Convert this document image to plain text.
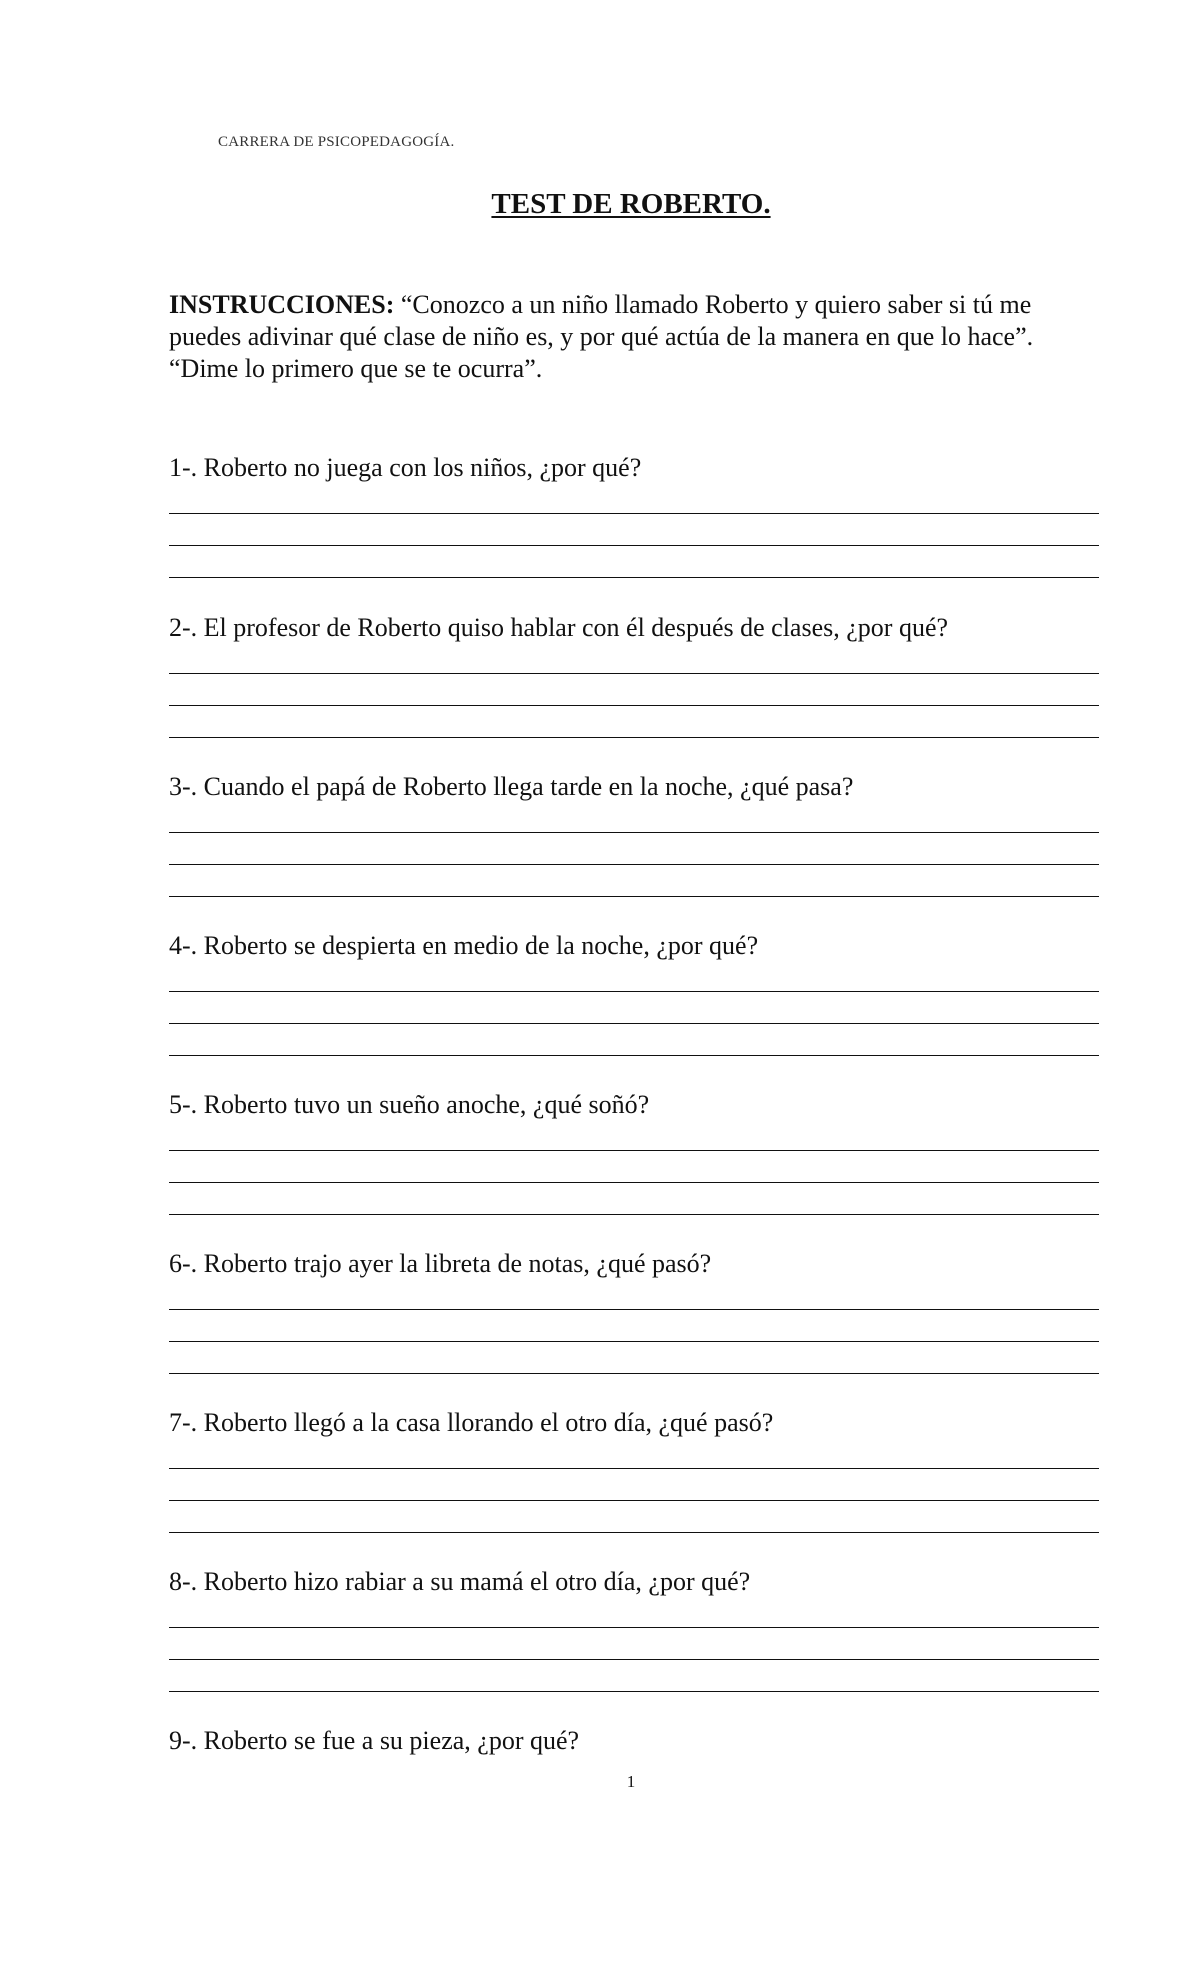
CARRERA DE PSICOPEDAGOGÍA.
TEST DE ROBERTO.
INSTRUCCIONES: “Conozco a un niño llamado Roberto y quiero saber si tú me puedes adivinar qué clase de niño es, y por qué actúa de la manera en que lo hace”. “Dime lo primero que se te ocurra”.
1-. Roberto no juega con los niños, ¿por qué?
2-. El profesor de Roberto quiso hablar con él después de clases, ¿por qué?
3-. Cuando el papá de Roberto llega tarde en la noche, ¿qué pasa?
4-. Roberto se despierta en medio de la noche, ¿por qué?
5-. Roberto tuvo un sueño anoche, ¿qué soñó?
6-. Roberto trajo ayer la libreta de notas, ¿qué pasó?
7-. Roberto llegó a la casa llorando el otro día, ¿qué pasó?
8-. Roberto hizo rabiar a su mamá el otro día, ¿por qué?
9-. Roberto se fue a su pieza, ¿por qué?
1
